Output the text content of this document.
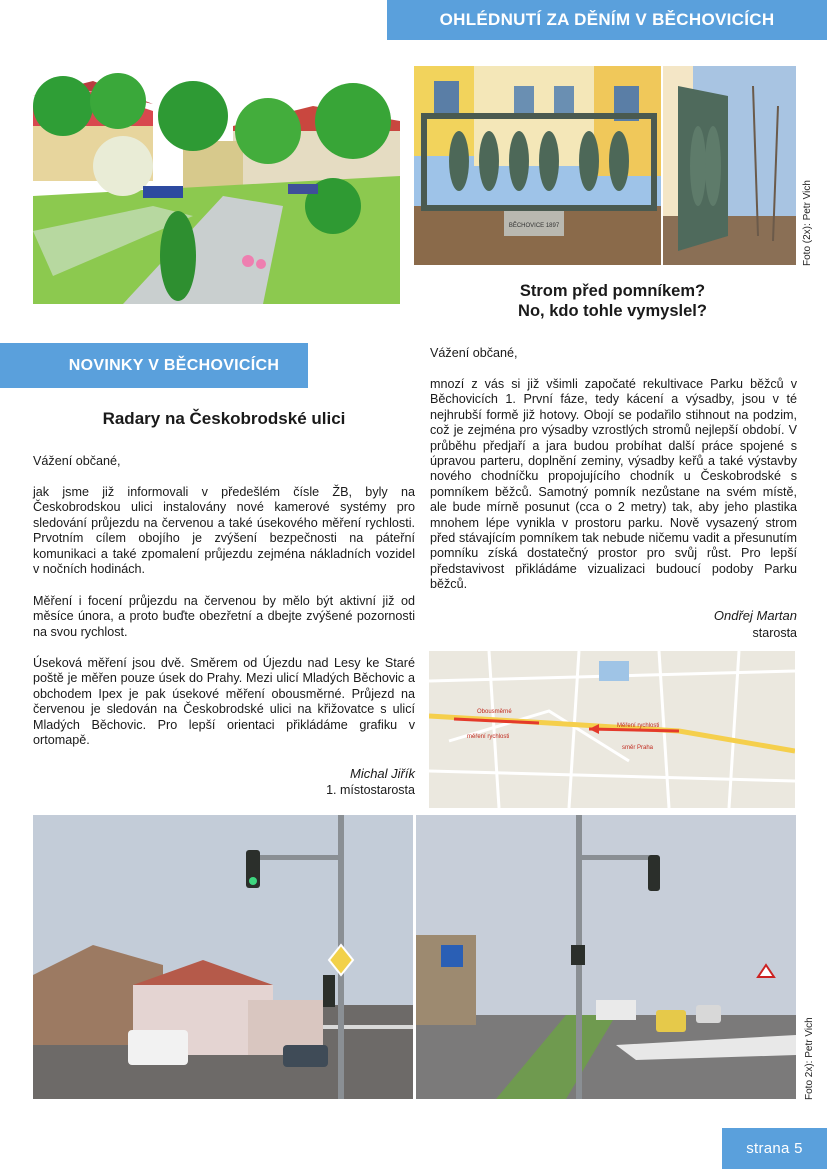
OHLÉDNUTÍ ZA DĚNÍM V BĚCHOVICÍCH
BĚCHOVICE 1897	Foto (2x): Petr Vich
Strom před pomníkem?
No, kdo tohle vymyslel?
NOVINKY V BĚCHOVICÍCH
Vážení občané,
mnozí z vás si již všimli započaté rekultivace Parku běžců v Běchovicích 1. První fáze, tedy kácení a výsadby, jsou v té nejhrubší formě již hotovy. Obojí se podařilo stihnout na podzim, což je zejména pro výsadby vzrostlých stromů nejlepší období. V průběhu předjaří a jara budou probíhat další práce spojené s úpravou parteru, doplnění zeminy, výsadby keřů a také výstavby nového chodníčku propojujícího chodník u Českobrodské s pomníkem běžců. Samotný pomník nezůstane na svém místě, ale bude mírně posunut (cca o 2 metry) tak, aby jeho plastika mnohem lépe vynikla v prostoru parku. Nově vysazený strom před stávajícím pomníkem tak nebude ničemu vadit a přesunutím pomníku získá dostatečný prostor pro svůj růst. Pro lepší představivost přikládáme vizualizaci budoucí podoby Parku běžců.
Ondřej Martan
starosta
Radary na Českobrodské ulici
Vážení občané,
jak jsme již informovali v předešlém čísle ŽB, byly na Českobrodskou ulici instalovány nové kamerové systémy pro sledování průjezdu na červenou a také úsekového měření rychlosti. Prvotním cílem obojího je zvýšení bezpečnosti na páteřní komunikaci a také zpomalení průjezdu zejména nákladních vozidel v nočních hodinách.
Měření i focení průjezdu na červenou by mělo být aktivní již od měsíce února, a proto buďte obezřetní a dbejte zvýšené pozornosti na svou rychlost.
Úseková měření jsou dvě. Směrem od Újezdu nad Lesy ke Staré poště je měřen pouze úsek do Prahy. Mezi ulicí Mladých Běchovic a obchodem Ipex je pak úsekové měření obousměrné. Průjezd na červenou je sledován na Českobrodské ulici na křižovatce s ulicí Mladých Běchovic. Pro lepší orientaci přikládáme grafiku v ortomapě.
Michal Jiřík
1. místostarosta
Obousměrné
měření rychlosti
Měření rychlosti
směr Praha
Foto 2x): Petr Vich
strana 5
